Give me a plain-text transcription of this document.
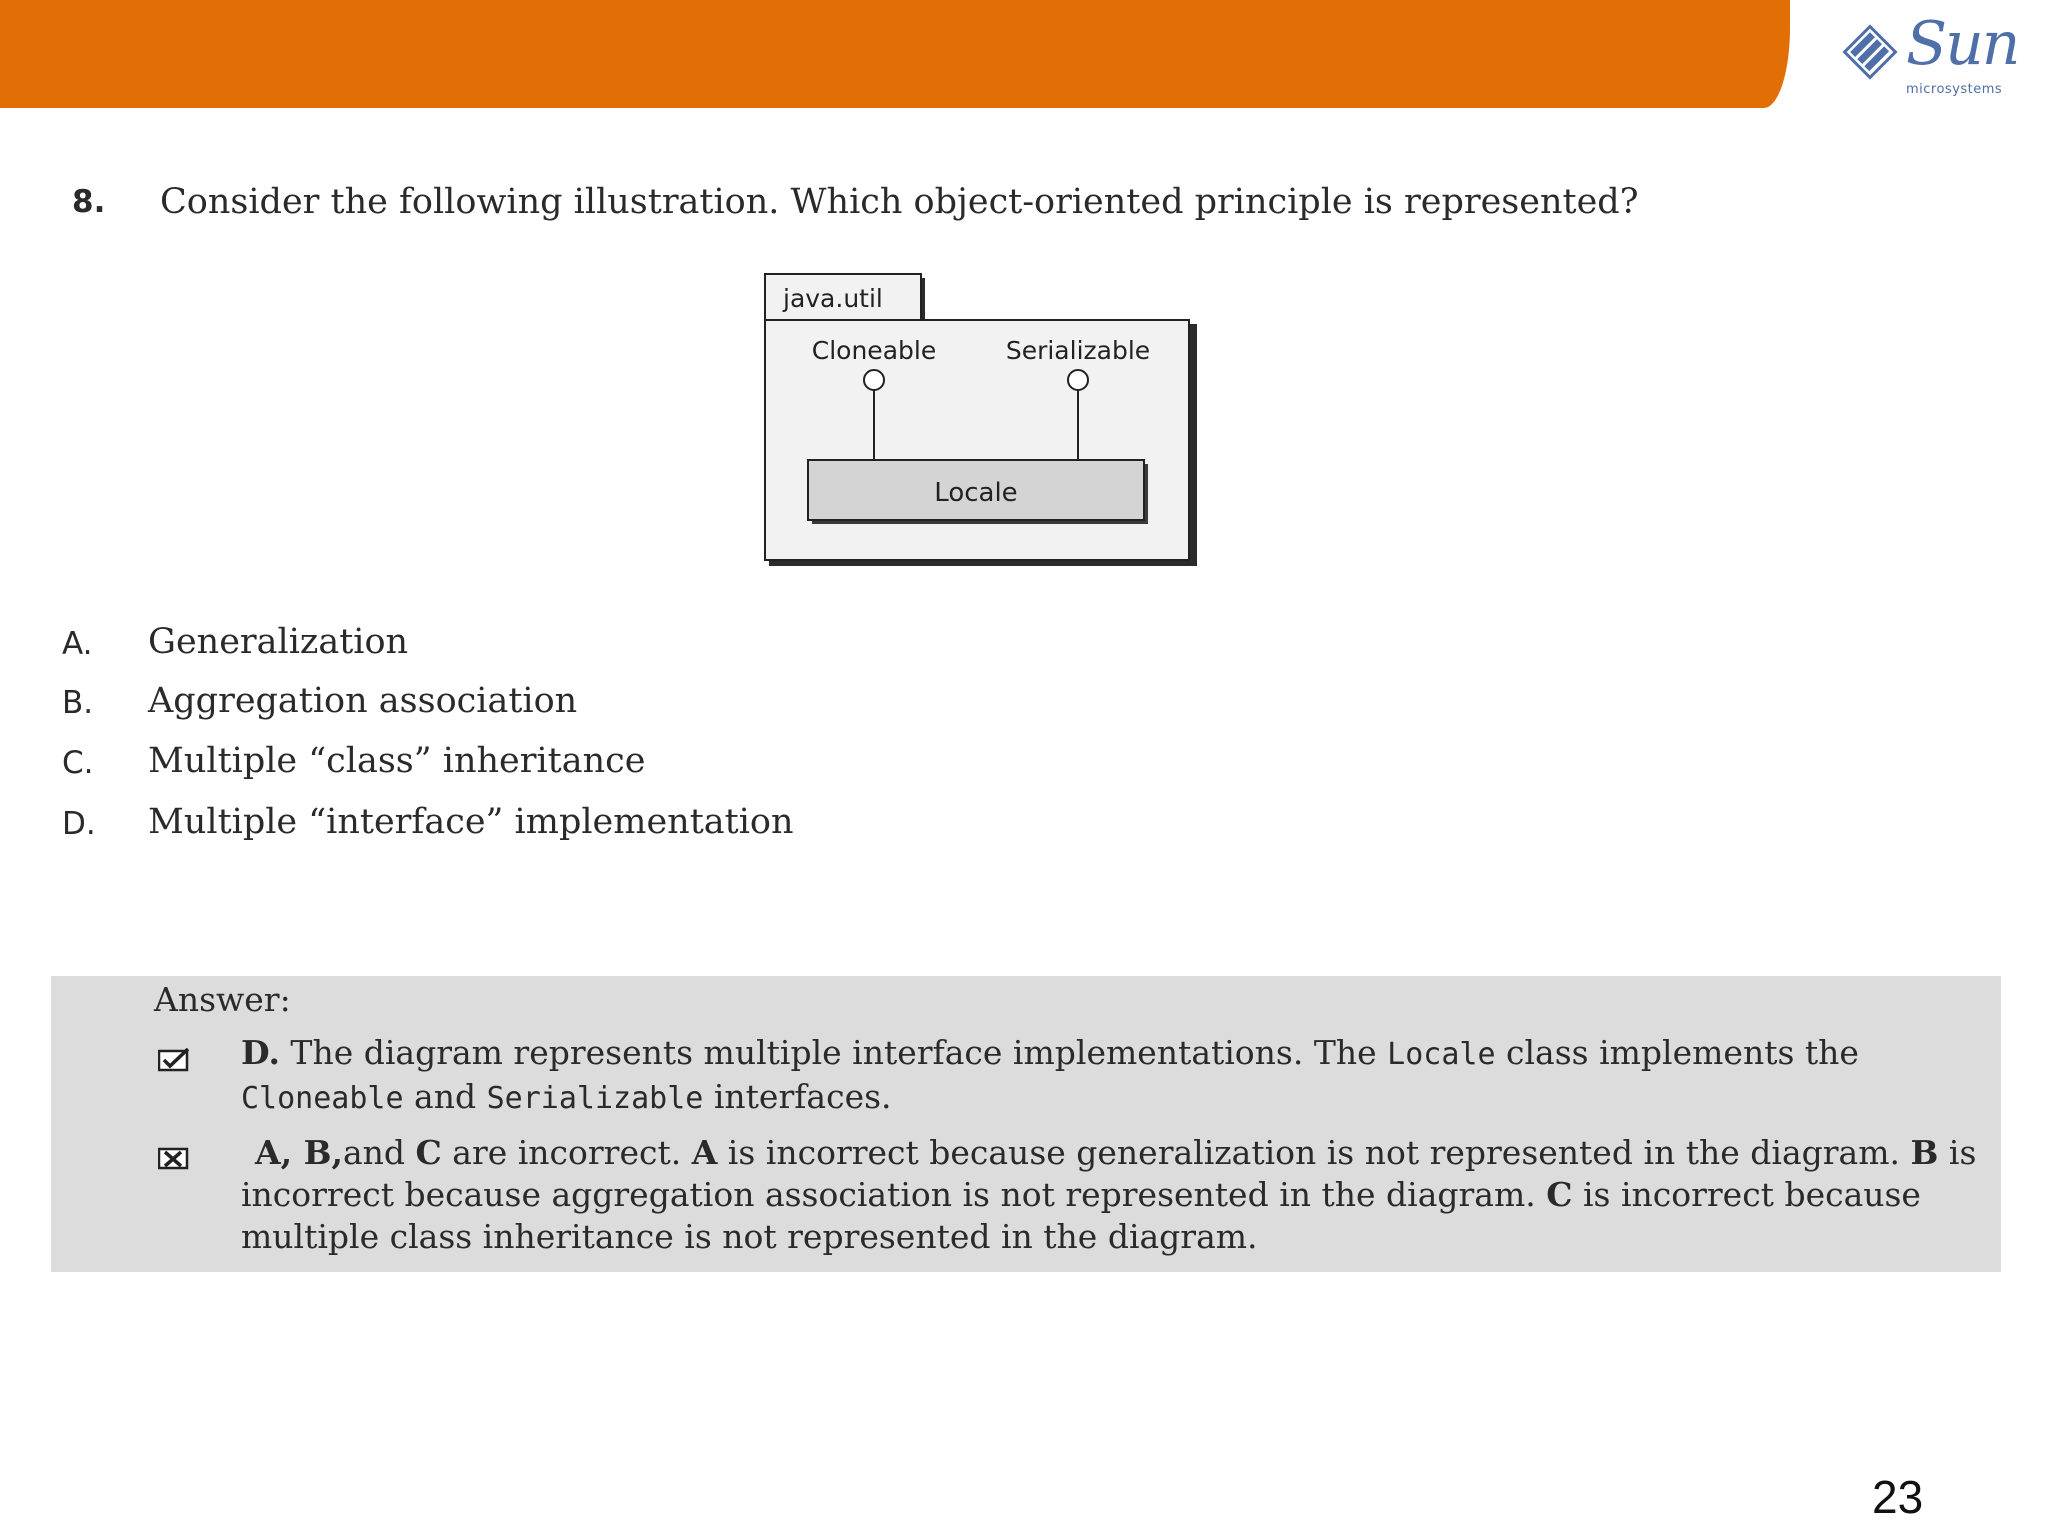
Sun
microsystems
8. Consider the following illustration. Which object-oriented principle is represented?
java.util
Cloneable	Serializable
Locale
A. Generalization
B. Aggregation association
C. Multiple “class” inheritance
D. Multiple “interface” implementation
Answer:
D. The diagram represents multiple interface implementations. The Locale class implements the Cloneable and Serializable interfaces.
A, B,and C are incorrect. A is incorrect because generalization is not represented in the diagram. B is incorrect because aggregation association is not represented in the diagram. C is incorrect because multiple class inheritance is not represented in the diagram.
23
